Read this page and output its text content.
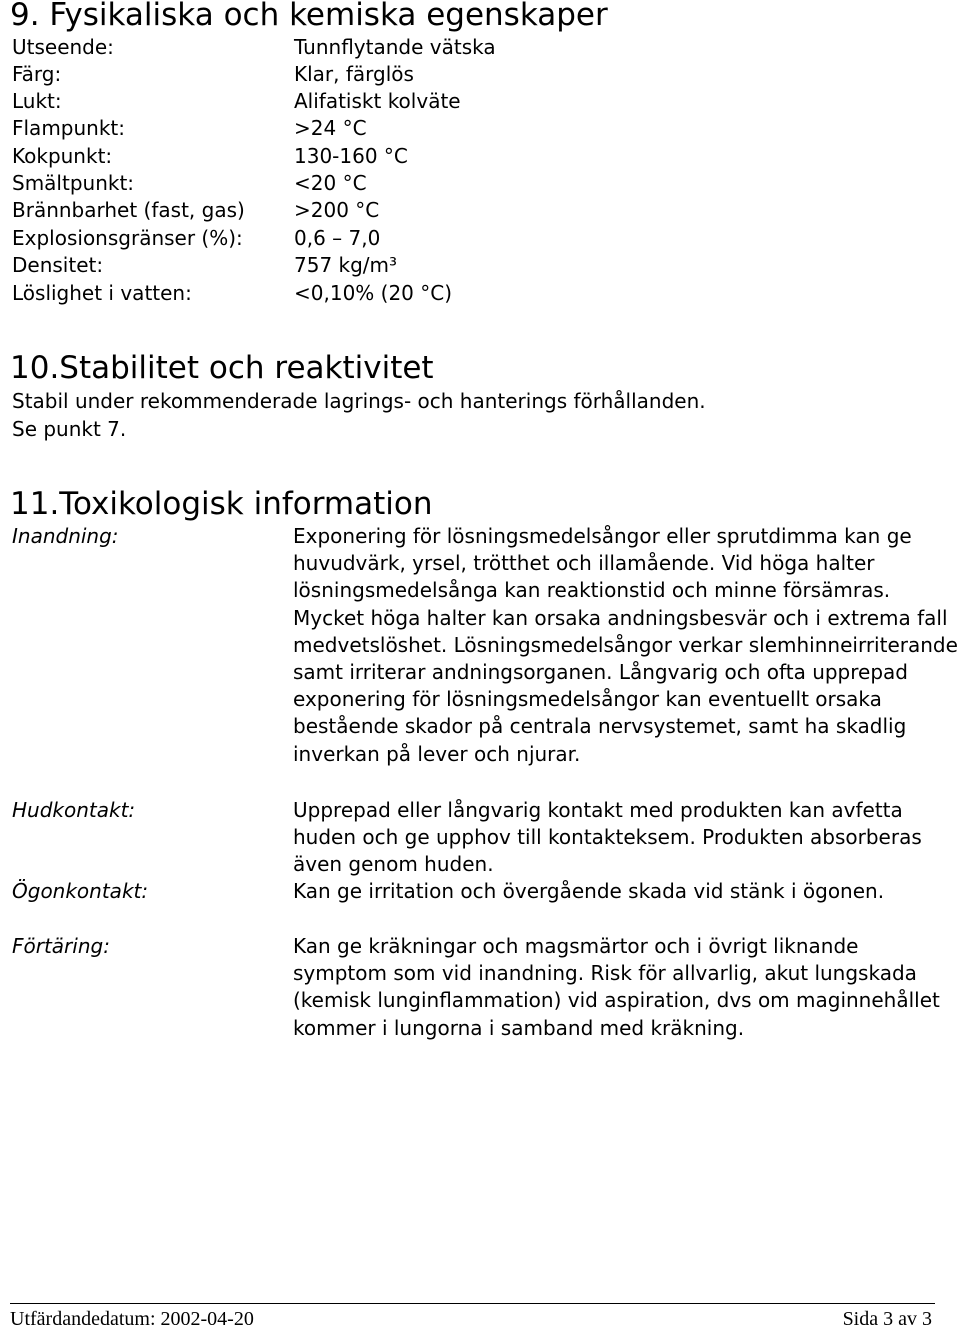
9. Fysikaliska och kemiska egenskaper
Utseende:	Tunnflytande vätska
Färg:	Klar, färglös
Lukt:	Alifatiskt kolväte
Flampunkt:	>24 °C
Kokpunkt:	130-160 °C
Smältpunkt:	<20 °C
Brännbarhet (fast, gas) >200 °C
Explosionsgränser (%):	0,6 – 7,0
Densitet:	757 kg/m³
Löslighet i vatten:	<0,10% (20 °C)
10.Stabilitet och reaktivitet
Stabil under rekommenderade lagrings- och hanterings förhållanden.
Se punkt 7.
11.Toxikologisk information
Inandning:	Exponering för lösningsmedelsångor eller sprutdimma kan ge huvudvärk, yrsel, trötthet och illamående. Vid höga halter lösningsmedelsånga kan reaktionstid och minne försämras. Mycket höga halter kan orsaka andningsbesvär och i extrema fall medvetslöshet. Lösningsmedelsångor verkar slemhinneirriterande samt irriterar andningsorganen. Långvarig och ofta upprepad exponering för lösningsmedelsångor kan eventuellt orsaka bestående skador på centrala nervsystemet, samt ha skadlig inverkan på lever och njurar.

Hudkontakt:	Upprepad eller långvarig kontakt med produkten kan avfetta huden och ge upphov till kontakteksem. Produkten absorberas även genom huden.

Ögonkontakt:	Kan ge irritation och övergående skada vid stänk i ögonen.

Förtäring:	Kan ge kräkningar och magsmärtor och i övrigt liknande symptom som vid inandning. Risk för allvarlig, akut lungskada (kemisk lunginflammation) vid aspiration, dvs om maginnehållet kommer i lungorna i samband med kräkning.

Utfärdandedatum: 2002-04-20	Sida 3 av 3
